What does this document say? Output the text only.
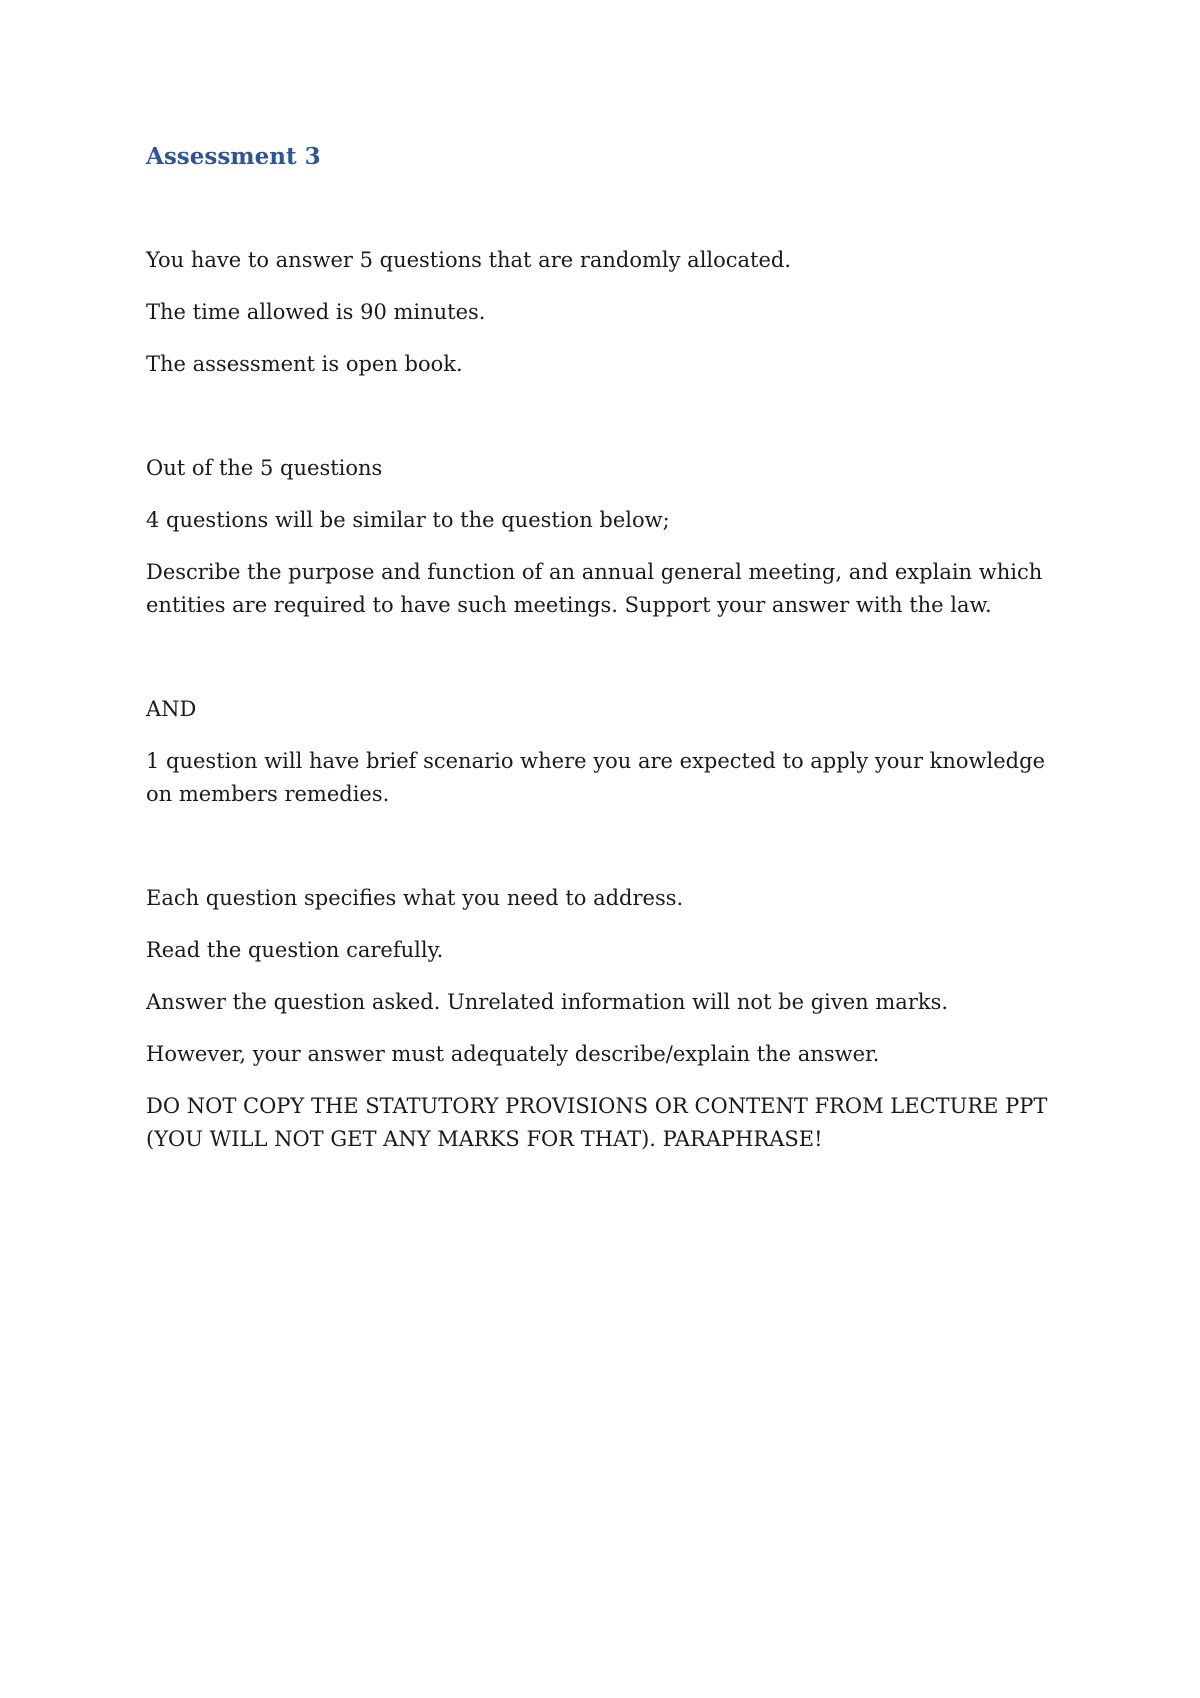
Assessment 3

You have to answer 5 questions that are randomly allocated.

The time allowed is 90 minutes.

The assessment is open book.

Out of the 5 questions

4 questions will be similar to the question below;

Describe the purpose and function of an annual general meeting, and explain which entities are required to have such meetings. Support your answer with the law.

AND

1 question will have brief scenario where you are expected to apply your knowledge on members remedies.

Each question specifies what you need to address.

Read the question carefully.

Answer the question asked. Unrelated information will not be given marks.

However, your answer must adequately describe/explain the answer.

DO NOT COPY THE STATUTORY PROVISIONS OR CONTENT FROM LECTURE PPT (YOU WILL NOT GET ANY MARKS FOR THAT). PARAPHRASE!
